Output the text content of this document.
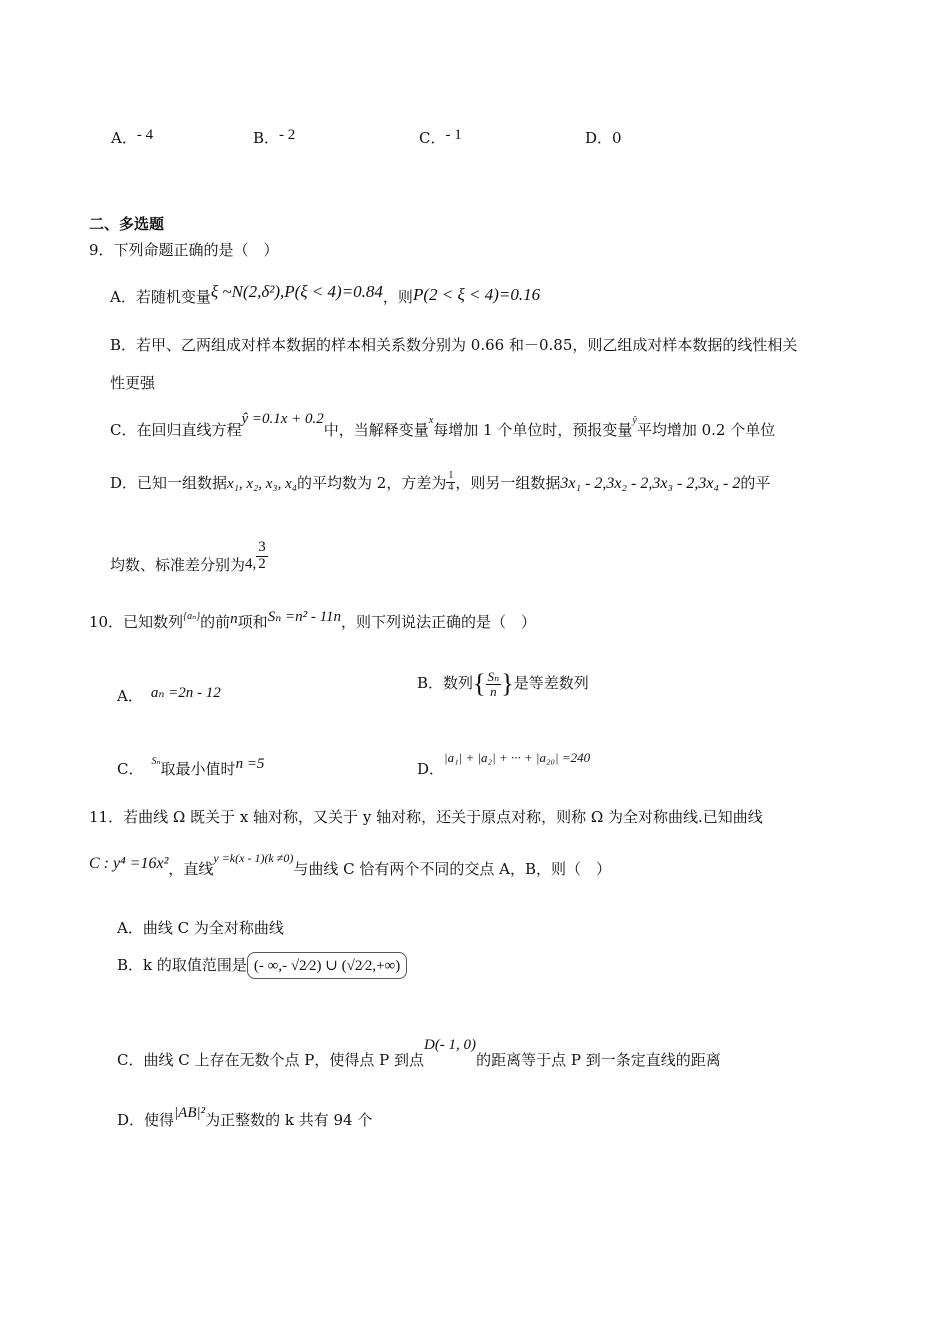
A．- 4	B．- 2	C．- 1	D．0
二、多选题
9．下列命题正确的是（　）
A．若随机变量ξ ~N(2,δ²),P(ξ < 4)=0.84，则P(2 < ξ < 4)=0.16
B．若甲、乙两组成对样本数据的样本相关系数分别为 0.66 和－0.85，则乙组成对样本数据的线性相关
性更强
C．在回归直线方程ŷ =0.1x + 0.2中，当解释变量$^x$每增加 1 个单位时，预报变量$^ŷ$平均增加 0.2 个单位
D．已知一组数据x₁, x₂, x₃, x₄的平均数为 2，方差为 $\frac{1}{4}$ ，则另一组数据3x₁ - 2,3x₂ - 2,3x₃ - 2,3x₄ - 2的平
均数、标准差分别为4, $\frac{3}{2}$
10．已知数列$^{\{a_n\}}$的前n项和Sₙ =n² - 11n，则下列说法正确的是（　）
A． aₙ =2n - 12
B．数列{ $\frac{\text{Sₙ}}{n}$ }是等差数列
C． $^{S_n}$取最小值时n =5	D．|a₁| + |a₂| + ··· + |a₂₀| =240
11．若曲线 Ω 既关于 x 轴对称，又关于 y 轴对称，还关于原点对称，则称 Ω 为全对称曲线.已知曲线
C : y⁴ =16x²，直线$^{y =k(x - 1)(k \ne 0)}$与曲线 C 恰有两个不同的交点 A，B，则（　）
A．曲线 C 为全对称曲线
B．k 的取值范围是 (- ∞,- √2⁄2) ∪ (√2⁄2,+∞)
C．曲线 C 上存在无数个点 P，使得点 P 到点D(- 1, 0)的距离等于点 P 到一条定直线的距离
D．使得|AB|²为正整数的 k 共有 94 个
